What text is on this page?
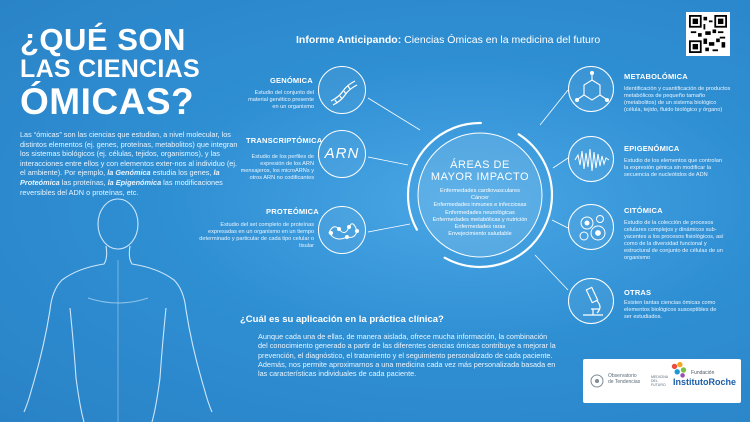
¿QUÉ SON
LAS CIENCIAS
ÓMICAS?
Las “ómicas” son las ciencias que estudian, a nivel molecular, los distintos elementos (ej. genes, proteínas, metabolitos) que integran los sistemas biológicos (ej. células, tejidos, organismos), y las interacciones entre ellos y con elementos exter-nos al individuo (ej. el ambiente). Por ejemplo, la Genómica estudia los genes, la Proteómica las proteínas, la Epigenómica las modificaciones reversibles del ADN o proteínas, etc.
Informe Anticipando: Ciencias Ómicas en la medicina del futuro
GENÓMICA
Estudio del conjunto del material genético presente en un organismo
ARN
TRANSCRIPTÓMICA
Estudio de los perfiles de expresión de los ARN mensajeros, los microARNs y otros ARN no codificantes
PROTEÓMICA
Estudio del set completo de proteínas expresadas en un organismo en un tiempo determinado y particular de cada tipo celular o tisular
ÁREAS DE
MAYOR IMPACTO
Enfermedades cardiovasculares
Cáncer
Enfermedades inmunes e infecciosas
Enfermedades neurológicas
Enfermedades metabólicas y nutrición
Enfermedades raras
Envejecimiento saludable
METABOLÓMICA
Identificación y cuantificación de productos metabólicos de pequeño tamaño (metabolitos) de un sistema biológico (célula, tejido, fluido biológico y órgano)
EPIGENÓMICA
Estudio de los elementos que controlan la expresión génica sin modificar la secuencia de nucleótidos de ADN
CITÓMICA
Estudio de la colección de procesos celulares complejos y dinámicos sub-yacentes a los procesos fisiológicos, así como de la diversidad funcional y estructural de conjunto de células de un organismo
OTRAS
Existen tantas ciencias ómicas como elementos biológicos susceptibles de ser estudiados.
¿Cuál es su aplicación en la práctica clínica?
Aunque cada una de ellas, de manera aislada, ofrece mucha información, la combinación del conocimiento generado a partir de las diferentes ciencias ómicas contribuye a mejorar la prevención, el diagnóstico, el tratamiento y el seguimiento personalizado de cada paciente. Además, nos permite aproximarnos a una medicina cada vez más personalizada basada en las características individuales de cada paciente.	Observatorio
de Tendencias
MEDICINA DEL FUTURO
Fundación
InstitutoRoche
